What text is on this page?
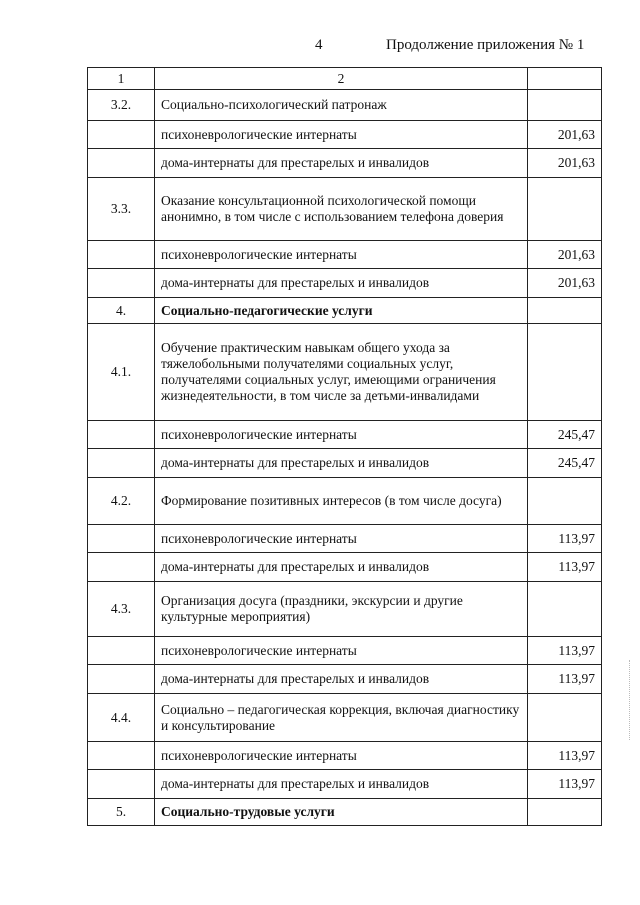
4	Продолжение приложения № 1
1	2	
3.2.	Социально-психологический патронаж	
	психоневрологические интернаты	201,63
	дома-интернаты для престарелых и инвалидов	201,63
3.3.	Оказание консультационной психологической помощи анонимно, в том числе с использованием телефона доверия	
	психоневрологические интернаты	201,63
	дома-интернаты для престарелых и инвалидов	201,63
4.	Социально-педагогические услуги	
4.1.	Обучение практическим навыкам общего ухода за тяжелобольными получателями социальных услуг, получателями социальных услуг, имеющими ограничения жизнедеятельности, в том числе за детьми-инвалидами	
	психоневрологические интернаты	245,47
	дома-интернаты для престарелых и инвалидов	245,47
4.2.	Формирование позитивных интересов (в том числе досуга)	
	психоневрологические интернаты	113,97
	дома-интернаты для престарелых и инвалидов	113,97
4.3.	Организация досуга (праздники, экскурсии и другие культурные мероприятия)	
	психоневрологические интернаты	113,97
	дома-интернаты для престарелых и инвалидов	113,97
4.4.	Социально – педагогическая коррекция, включая диагностику и консультирование	
	психоневрологические интернаты	113,97
	дома-интернаты для престарелых и инвалидов	113,97
5.	Социально-трудовые услуги	
